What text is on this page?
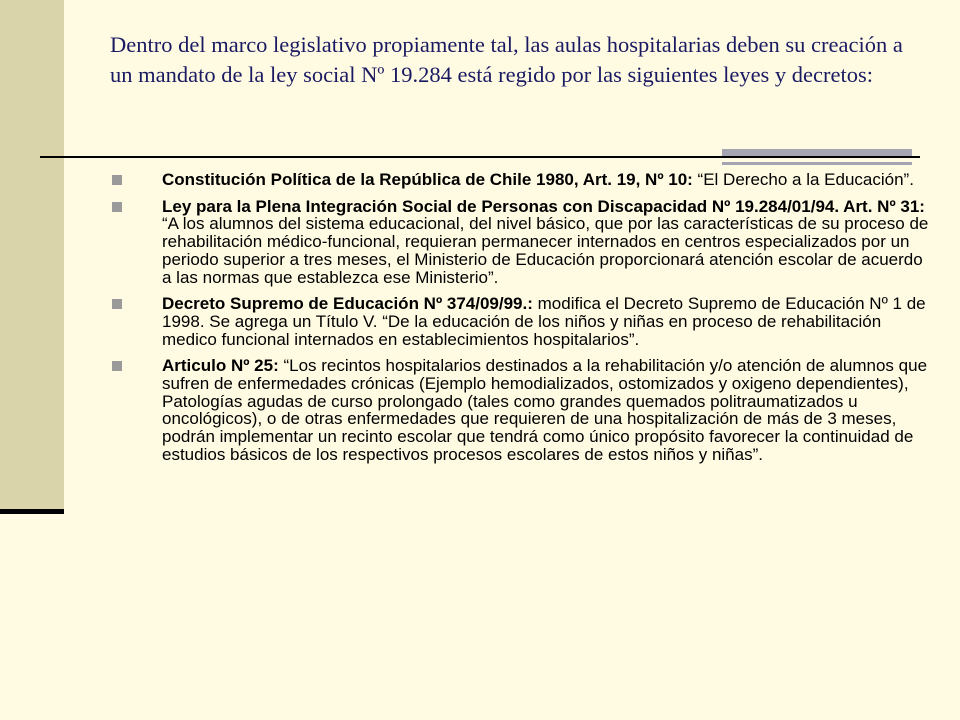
Dentro del marco legislativo propiamente tal, las aulas hospitalarias deben su creación a un mandato de la ley social Nº 19.284 está regido por las siguientes leyes y decretos:
Constitución Política de la República de Chile 1980, Art. 19, Nº 10: “El Derecho a la Educación”.
Ley para la Plena Integración Social de Personas con Discapacidad Nº 19.284/01/94. Art. Nº 31: “A los alumnos del sistema educacional, del nivel básico, que por las características de su proceso de rehabilitación médico-funcional, requieran permanecer internados en centros especializados por un periodo superior a tres meses, el Ministerio de Educación proporcionará atención escolar de acuerdo a las normas que establezca ese Ministerio”.
Decreto Supremo de Educación Nº 374/09/99.: modifica el Decreto Supremo de Educación Nº 1 de 1998. Se agrega un Título V. “De la educación de los niños y niñas en proceso de rehabilitación medico funcional internados en establecimientos hospitalarios”.
Articulo Nº 25: “Los recintos hospitalarios destinados a la rehabilitación y/o atención de alumnos que sufren de enfermedades crónicas (Ejemplo hemodializados, ostomizados y oxigeno dependientes), Patologías agudas de curso prolongado (tales como grandes quemados politraumatizados u oncológicos), o de otras enfermedades que requieren de una hospitalización de más de 3 meses, podrán implementar un recinto escolar que tendrá como único propósito favorecer la continuidad de estudios básicos de los respectivos procesos escolares de estos niños y niñas”.
